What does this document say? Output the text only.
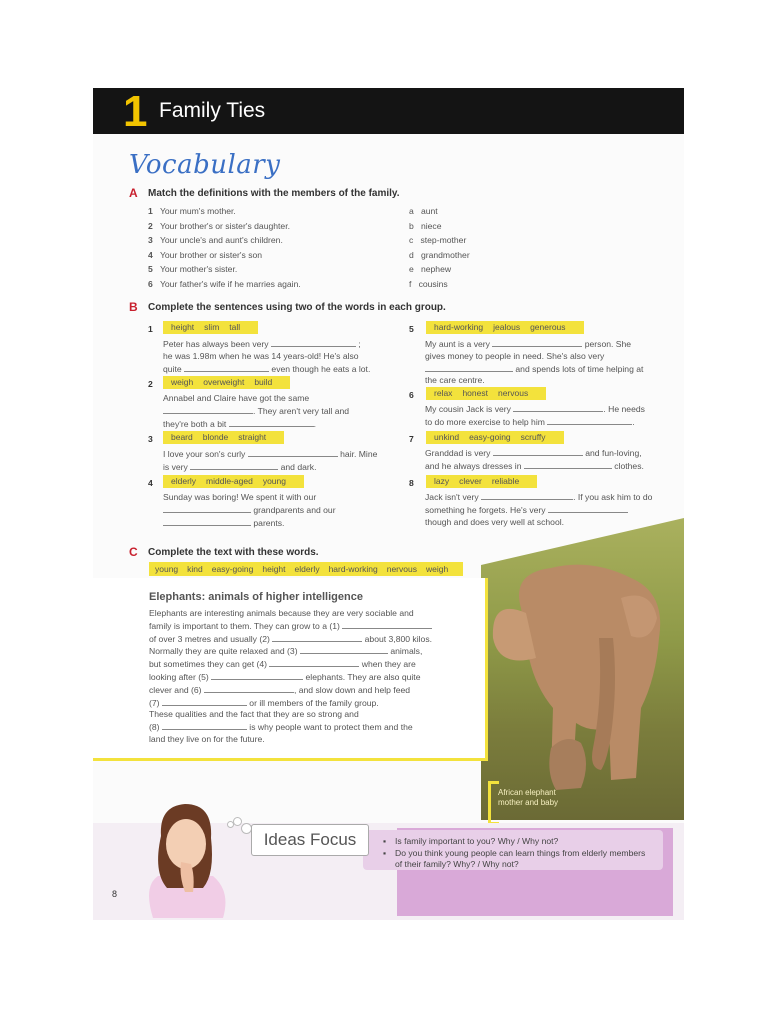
1 Family Ties
Vocabulary
A Match the definitions with the members of the family.
1 Your mum's mother.
2 Your brother's or sister's daughter.
3 Your uncle's and aunt's children.
4 Your brother or sister's son
5 Your mother's sister.
6 Your father's wife if he marries again.
a aunt
b niece
c step-mother
d grandmother
e nephew
f cousins
B Complete the sentences using two of the words in each group.
1	height slim tall
Peter has always been very	;
he was 1.98m when he was 14 years-old! He's also
quite	even though he eats a lot.
2	weigh overweight build
Annabel and Claire have got the same
. They aren't very tall and
they're both a bit	.
3	beard blonde straight
I love your son's curly	hair. Mine
is very	and dark.
4	elderly middle-aged young
Sunday was boring! We spent it with our
grandparents and our
parents.
5	hard-working jealous generous
My aunt is a very	person. She
gives money to people in need. She's also very
and spends lots of time helping at
the care centre.
6	relax honest nervous
My cousin Jack is very	. He needs
to do more exercise to help him	.
7	unkind easy-going scruffy
Granddad is very	and fun-loving,
and he always dresses in	clothes.
8	lazy clever reliable
Jack isn't very	. If you ask him to do
something he forgets. He's very
though and does very well at school.
African elephant mother and baby
C Complete the text with these words.
young kind easy-going height elderly hard-working nervous weigh
Elephants: animals of higher intelligence
Elephants are interesting animals because they are very sociable and
family is important to them. They can grow to a (1)
of over 3 metres and usually (2)	about 3,800 kilos.
Normally they are quite relaxed and (3)	animals,
but sometimes they can get (4)	when they are
looking after (5)	elephants. They are also quite
clever and (6)	, and slow down and help feed
(7)	or ill members of the family group.
These qualities and the fact that they are so strong and
(8)	is why people want to protect them and the
land they live on for the future.
Ideas Focus
▪	Is family important to you? Why / Why not?
▪ Do you think young people can learn things from elderly members of their family? Why? / Why not?
8
